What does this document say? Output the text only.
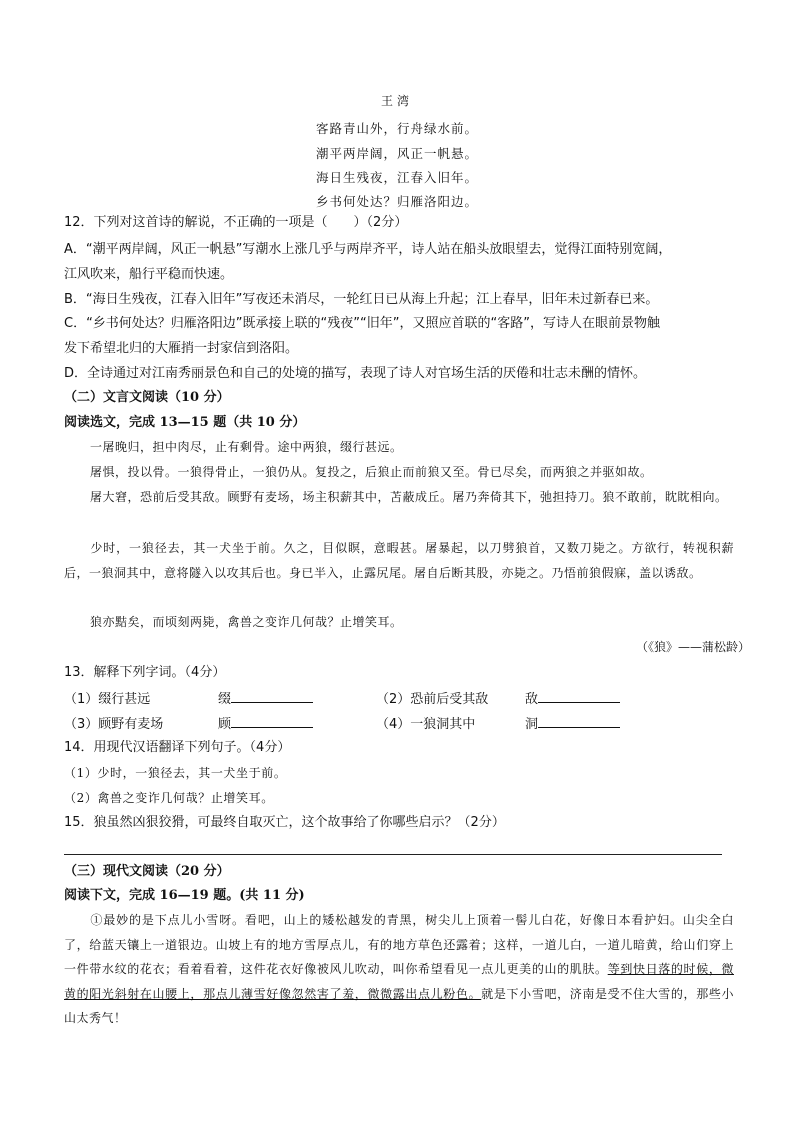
王湾
客路青山外，行舟绿水前。
潮平两岸阔，风正一帆悬。
海日生残夜，江春入旧年。
乡书何处达？归雁洛阳边。
12．下列对这首诗的解说，不正确的一项是（　　）（2分）
A．“潮平两岸阔，风正一帆悬”写潮水上涨几乎与两岸齐平，诗人站在船头放眼望去，觉得江面特别宽阔，
江风吹来，船行平稳而快速。
B．“海日生残夜，江春入旧年”写夜还未消尽，一轮红日已从海上升起；江上春早，旧年未过新春已来。
C．“乡书何处达？归雁洛阳边”既承接上联的“残夜”“旧年”，又照应首联的“客路”，写诗人在眼前景物触
发下希望北归的大雁捎一封家信到洛阳。
D．全诗通过对江南秀丽景色和自己的处境的描写，表现了诗人对官场生活的厌倦和壮志未酬的情怀。
（二）文言文阅读（10 分）
阅读选文，完成 13—15 题（共 10 分）
一屠晚归，担中肉尽，止有剩骨。途中两狼，缀行甚远。
屠惧，投以骨。一狼得骨止，一狼仍从。复投之，后狼止而前狼又至。骨已尽矣，而两狼之并驱如故。
屠大窘，恐前后受其敌。顾野有麦场，场主积薪其中，苫蔽成丘。屠乃奔倚其下，弛担持刀。狼不敢前，眈眈相向。
少时，一狼径去，其一犬坐于前。久之，目似瞑，意暇甚。屠暴起，以刀劈狼首，又数刀毙之。方欲行，转视积薪后，一狼洞其中，意将隧入以攻其后也。身已半入，止露尻尾。屠自后断其股，亦毙之。乃悟前狼假寐，盖以诱敌。
狼亦黠矣，而顷刻两毙，禽兽之变诈几何哉？止增笑耳。
（《狼》——蒲松龄）
13．解释下列字词。（4分）
（1）缀行甚远	缀	（2）恐前后受其敌	敌
（3）顾野有麦场	顾	（4）一狼洞其中	洞
14．用现代汉语翻译下列句子。（4分）
（1）少时，一狼径去，其一犬坐于前。
（2）禽兽之变诈几何哉？止增笑耳。
15．狼虽然凶狠狡猾，可最终自取灭亡，这个故事给了你哪些启示？（2分）
（三）现代文阅读（20 分）
阅读下文，完成 16—19 题。(共 11 分)
①最妙的是下点儿小雪呀。看吧，山上的矮松越发的青黑，树尖儿上顶着一髻儿白花，好像日本看护妇。山尖全白了，给蓝天镶上一道银边。山坡上有的地方雪厚点儿，有的地方草色还露着；这样，一道儿白，一道儿暗黄，给山们穿上一件带水纹的花衣；看着看着，这件花衣好像被风儿吹动，叫你希望看见一点儿更美的山的肌肤。等到快日落的时候，微黄的阳光斜射在山腰上，那点儿薄雪好像忽然害了羞，微微露出点儿粉色。就是下小雪吧，济南是受不住大雪的，那些小山太秀气！
